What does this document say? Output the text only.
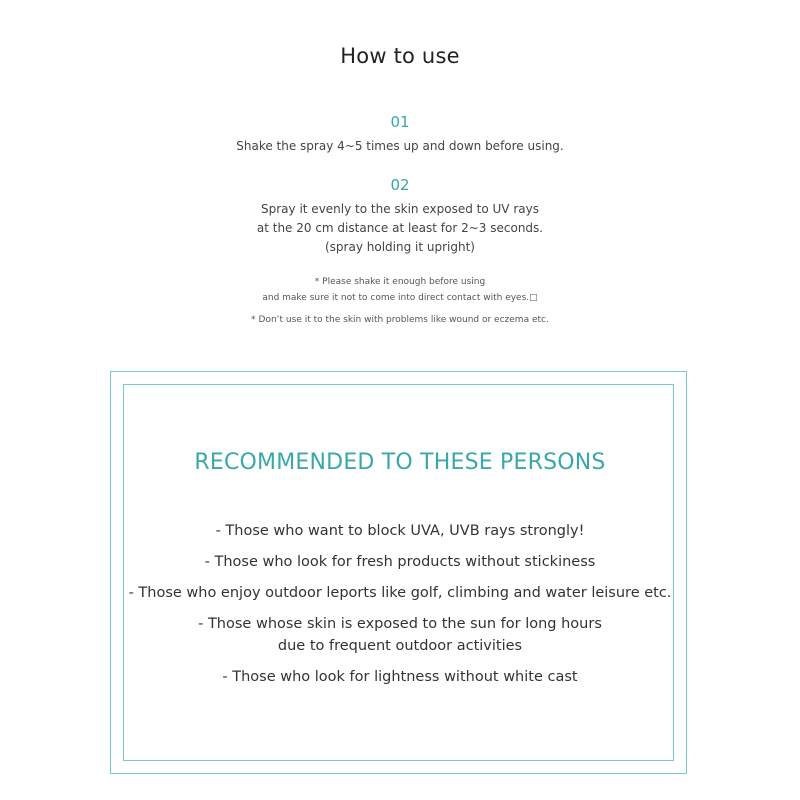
How to use
01
Shake the spray 4~5 times up and down before using.
02
Spray it evenly to the skin exposed to UV rays
at the 20 cm distance at least for 2~3 seconds.
(spray holding it upright)
* Please shake it enough before using
and make sure it not to come into direct contact with eyes.□
* Don’t use it to the skin with problems like wound or eczema etc.
RECOMMENDED TO THESE PERSONS
- Those who want to block UVA, UVB rays strongly!
- Those who look for fresh products without stickiness
- Those who enjoy outdoor leports like golf, climbing and water leisure etc.
- Those whose skin is exposed to the sun for long hours
due to frequent outdoor activities
- Those who look for lightness without white cast
